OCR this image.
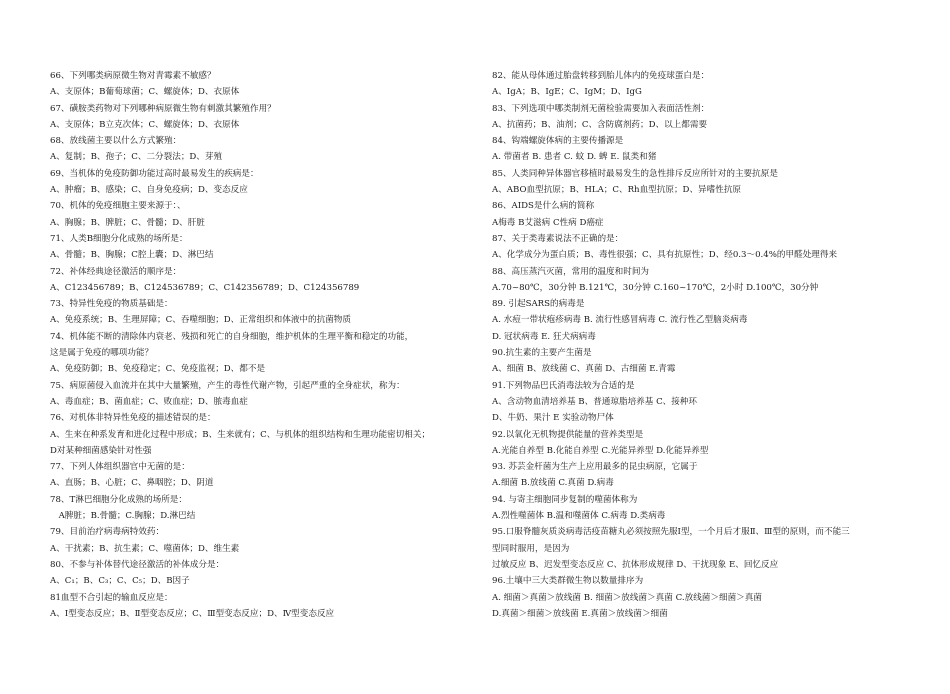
66、下列哪类病原微生物对青霉素不敏感？
A、支原体；B葡萄球菌；C、螺旋体；D、衣原体
67、磺胺类药物对下列哪种病原微生物有刺激其繁殖作用？
A、支原体；B立克次体；C、螺旋体；D、衣原体
68、放线菌主要以什么方式繁殖：
A、复制；B、孢子；C、二分裂法；D、芽殖
69、当机体的免疫防御功能过高时最易发生的疾病是：
A、肿瘤；B、感染；C、自身免疫病；D、变态反应
70、机体的免疫细胞主要来源于：、
A、胸腺；B、脾脏；C、骨髓；D、肝脏
71、人类B细胞分化成熟的场所是：
A、骨髓；B、胸腺；C腔上囊；D、淋巴结
72、补体经典途径激活的顺序是：
A、C123456789；B、C124536789；C、C142356789；D、C124356789
73、特异性免疫的物质基础是：
A、免疫系统；B、生理屏障；C、吞噬细胞；D、正常组织和体液中的抗菌物质
74、机体能不断的清除体内衰老、残损和死亡的自身细胞，维护机体的生理平衡和稳定的功能，
这是属于免疫的哪项功能？
A、免疫防御；B、免疫稳定；C、免疫监视；D、都不是
75、病原菌侵入血流并在其中大量繁殖，产生的毒性代谢产物，引起严重的全身症状，称为：
A、毒血症；B、菌血症；C、败血症；D、脓毒血症
76、对机体非特异性免疫的描述错误的是：
A、生来在种系发育和进化过程中形成；B、生来就有；C、与机体的组织结构和生理功能密切相关；
D对某种细菌感染针对性强
77、下列人体组织器官中无菌的是：
A、直肠；B、心脏；C、鼻咽腔；D、阴道
78、T淋巴细胞分化成熟的场所是：
　A脾脏；B.骨髓；C.胸腺；D.淋巴结
79、目前治疗病毒病特效药：
A、干扰素；B、抗生素；C、噬菌体；D、维生素
80、不参与补体替代途径激活的补体成分是：
A、C₁；B、C₃；C、C₅；D、B因子
81血型不合引起的输血反应是：
A、Ⅰ型变态反应；B、Ⅱ型变态反应；C、Ⅲ型变态反应；D、Ⅳ型变态反应
82、能从母体通过胎盘转移到胎儿体内的免疫球蛋白是：
A、IgA；B、IgE；C、IgM；D、IgG
83、下列选项中哪类制剂无菌检验需要加入表面活性剂：
A、抗菌药；B、油剂；C、含防腐剂药；D、以上都需要
84、钩端螺旋体病的主要传播源是
A. 带菌者 B. 患者 C. 蚊 D. 蜱 E. 鼠类和猪
85、人类同种异体器官移植时最易发生的急性排斥反应所针对的主要抗原是
A、ABO血型抗原；B、HLA；C、Rh血型抗原；D、异嗜性抗原
86、AIDS是什么病的简称
A梅毒 B艾滋病 C性病 D癌症
87、关于类毒素说法不正确的是：
A、化学成分为蛋白质；B、毒性很强；C、具有抗原性；D、经0.3～0.4%的甲醛处理得来
88、高压蒸汽灭菌，常用的温度和时间为
A.70~80℃，30分钟 B.121℃，30分钟 C.160~170℃，2小时 D.100℃，30分钟
89. 引起SARS的病毒是
A. 水痘一带状疱疹病毒 B. 流行性感冒病毒 C. 流行性乙型脑炎病毒
D. 冠状病毒 E. 狂犬病病毒
90.抗生素的主要产生菌是
A、细菌 B、放线菌 C、真菌 D、古细菌 E.青霉
91.下列物品巴氏消毒法较为合适的是
A、含动物血清培养基 B、普通琼脂培养基 C、接种环
D、牛奶、果汁 E 实验动物尸体
92.以氧化无机物提供能量的营养类型是
A.光能自养型 B.化能自养型 C.光能异养型 D.化能异养型
93. 苏芸金杆菌为生产上应用最多的昆虫病原，它属于
A.细菌 B.放线菌 C.真菌 D.病毒
94. 与寄主细胞同步复制的噬菌体称为
A.烈性噬菌体 B.温和噬菌体 C.病毒 D.类病毒
95.口服脊髓灰质炎病毒活疫苗糖丸必须按照先服Ⅰ型，一个月后才服Ⅱ、Ⅲ型的原则，而不能三
型同时服用，是因为
过敏反应 B、迟发型变态反应 C、抗体形成规律 D、干扰现象 E、回忆反应
96.土壤中三大类群微生物以数量排序为
A. 细菌＞真菌＞放线菌 B. 细菌＞放线菌＞真菌 C.放线菌＞细菌＞真菌
D.真菌＞细菌＞放线菌 E.真菌＞放线菌＞细菌
